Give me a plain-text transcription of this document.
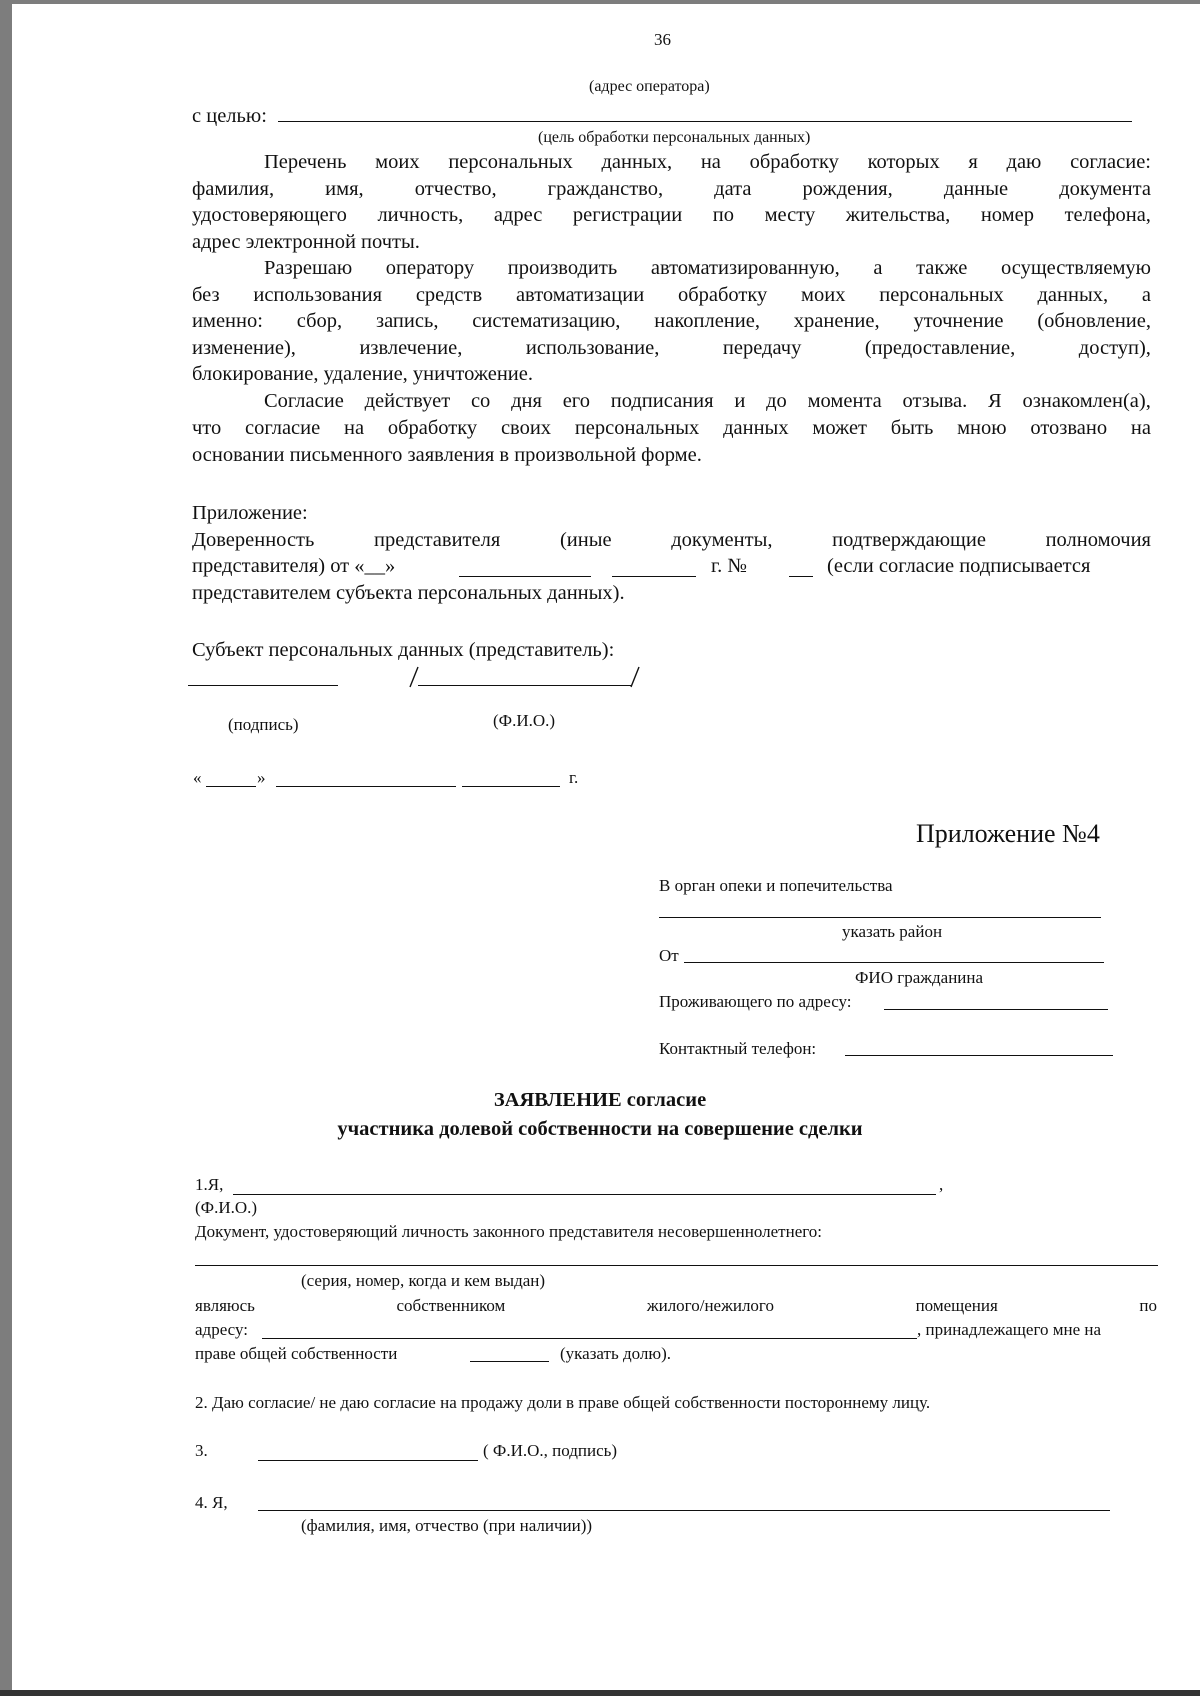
36
(адрес оператора)
с целью:
(цель обработки персональных данных)
Перечень моих персональных данных, на обработку которых я даю согласие:
фамилия, имя, отчество, гражданство, дата рождения, данные документа
удостоверяющего личность, адрес регистрации по месту жительства, номер телефона,
адрес электронной почты.
Разрешаю оператору производить автоматизированную, а также осуществляемую
без использования средств автоматизации обработку моих персональных данных, а
именно: сбор, запись, систематизацию, накопление, хранение, уточнение (обновление,
изменение),	извлечение,	использование,	передачу	(предоставление,	доступ),
блокирование, удаление, уничтожение.
Согласие действует со дня его подписания и до момента отзыва. Я ознакомлен(а),
что согласие на обработку своих персональных данных может быть мною отозвано на
основании письменного заявления в произвольной форме.
Приложение:
Доверенность	представителя	(иные	документы,	подтверждающие	полномочия
представителя) от «__»	г. №	(если согласие подписывается
представителем субъекта персональных данных).
Субъект персональных данных (представитель):
(подпись)	(Ф.И.О.)
«	»	г.
Приложение №4
В орган опеки и попечительства
указать район
От
ФИО гражданина
Проживающего по адресу:
Контактный телефон:
ЗАЯВЛЕНИЕ согласие
участника долевой собственности на совершение сделки
1.Я,	,
(Ф.И.О.)
Документ, удостоверяющий личность законного представителя несовершеннолетнего:
(серия, номер, когда и кем выдан)
являюсь	собственником	жилого/нежилого	помещения	по
адресу:	, принадлежащего мне на
праве общей собственности	(указать долю).
2. Даю согласие/ не даю согласие на продажу доли в праве общей собственности постороннему лицу.
3.	( Ф.И.О., подпись)
4. Я,
(фамилия, имя, отчество (при наличии))
